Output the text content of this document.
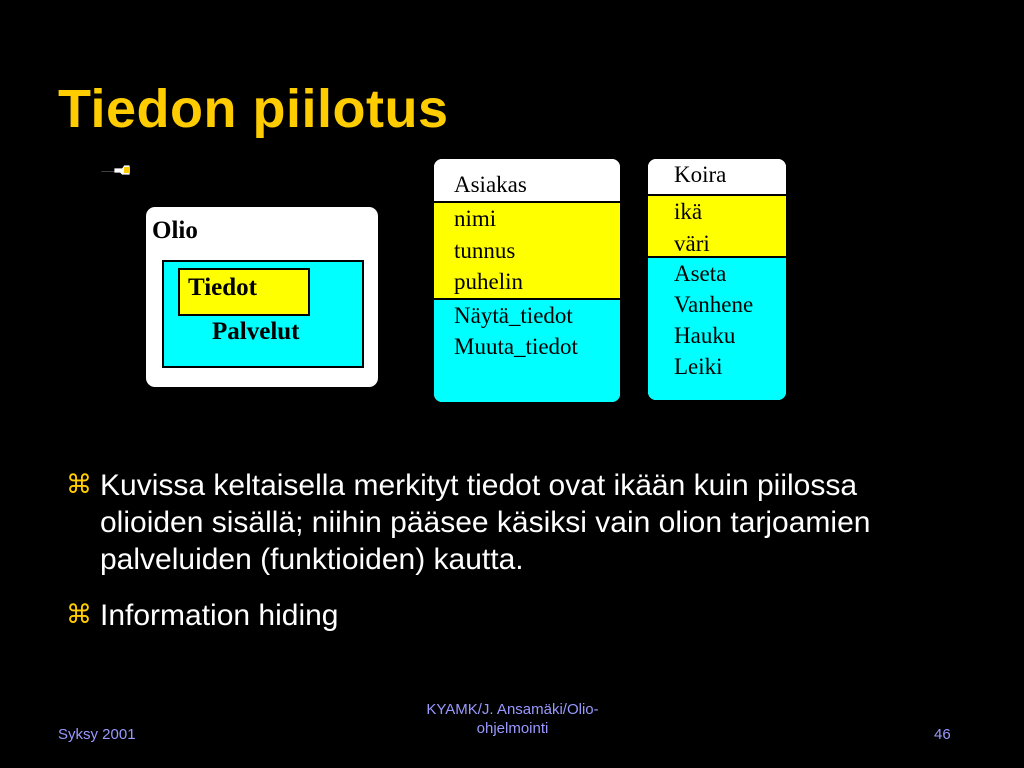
Tiedon piilotus
Olio
Tiedot
Palvelut
Asiakas
nimi
tunnus
puhelin
Näytä_tiedot
Muuta_tiedot
Koira
ikä
väri
Aseta
Vanhene
Hauku
Leiki
⌘ Kuvissa keltaisella merkityt tiedot ovat ikään kuin piilossa olioiden sisällä; niihin pääsee käsiksi vain olion tarjoamien palveluiden (funktioiden) kautta.
⌘ Information hiding
Syksy 2001
KYAMK/J. Ansamäki/Olio-
ohjelmointi	46
